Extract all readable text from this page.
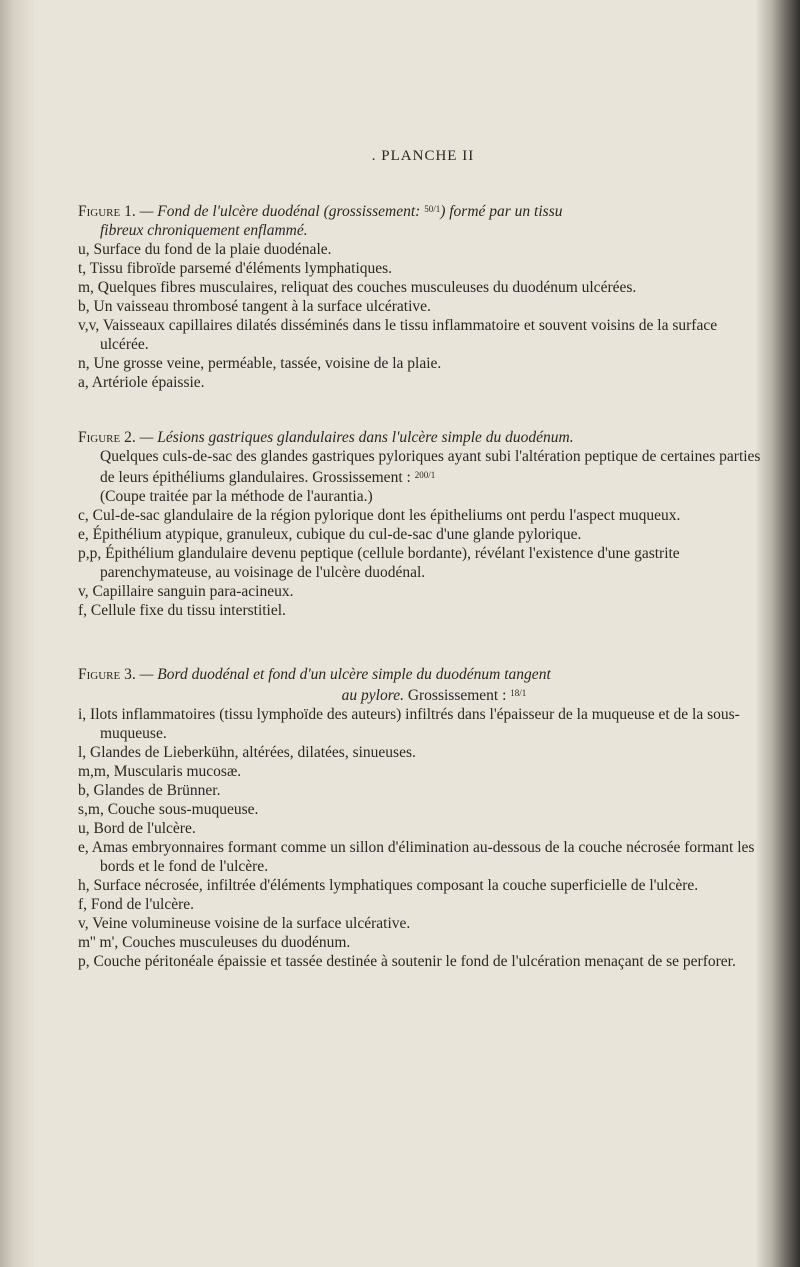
. PLANCHE II
Figure 1. — Fond de l'ulcère duodénal (grossissement: $^{50/1}$) formé par un tissu
fibreux chroniquement enflammé.
u, Surface du fond de la plaie duodénale.
t, Tissu fibroïde parsemé d'éléments lymphatiques.
m, Quelques fibres musculaires, reliquat des couches musculeuses du duodénum ulcérées.
b, Un vaisseau thrombosé tangent à la surface ulcérative.
v,v, Vaisseaux capillaires dilatés disséminés dans le tissu inflammatoire et souvent voisins de la surface ulcérée.
n, Une grosse veine, perméable, tassée, voisine de la plaie.
a, Artériole épaissie.
Figure 2. — Lésions gastriques glandulaires dans l'ulcère simple du duodénum.
Quelques culs-de-sac des glandes gastriques pyloriques ayant subi l'altération peptique de certaines parties de leurs épithéliums glandulaires. Grossissement : $^{200/1}$
(Coupe traitée par la méthode de l'aurantia.)
c, Cul-de-sac glandulaire de la région pylorique dont les épitheliums ont perdu l'aspect muqueux.
e, Épithélium atypique, granuleux, cubique du cul-de-sac d'une glande pylorique.
p,p, Épithélium glandulaire devenu peptique (cellule bordante), révélant l'existence d'une gastrite parenchymateuse, au voisinage de l'ulcère duodénal.
v, Capillaire sanguin para-acineux.
f, Cellule fixe du tissu interstitiel.
Figure 3. — Bord duodénal et fond d'un ulcère simple du duodénum tangent
au pylore. Grossissement : $^{18/1}$
i, Ilots inflammatoires (tissu lymphoïde des auteurs) infiltrés dans l'épaisseur de la muqueuse et de la sous-muqueuse.
l, Glandes de Lieberkühn, altérées, dilatées, sinueuses.
m,m, Muscularis mucosæ.
b, Glandes de Brünner.
s,m, Couche sous-muqueuse.
u, Bord de l'ulcère.
e, Amas embryonnaires formant comme un sillon d'élimination au-dessous de la couche nécrosée formant les bords et le fond de l'ulcère.
h, Surface nécrosée, infiltrée d'éléments lymphatiques composant la couche superficielle de l'ulcère.
f, Fond de l'ulcère.
v, Veine volumineuse voisine de la surface ulcérative.
m'' m', Couches musculeuses du duodénum.
p, Couche péritonéale épaissie et tassée destinée à soutenir le fond de l'ulcération menaçant de se perforer.
